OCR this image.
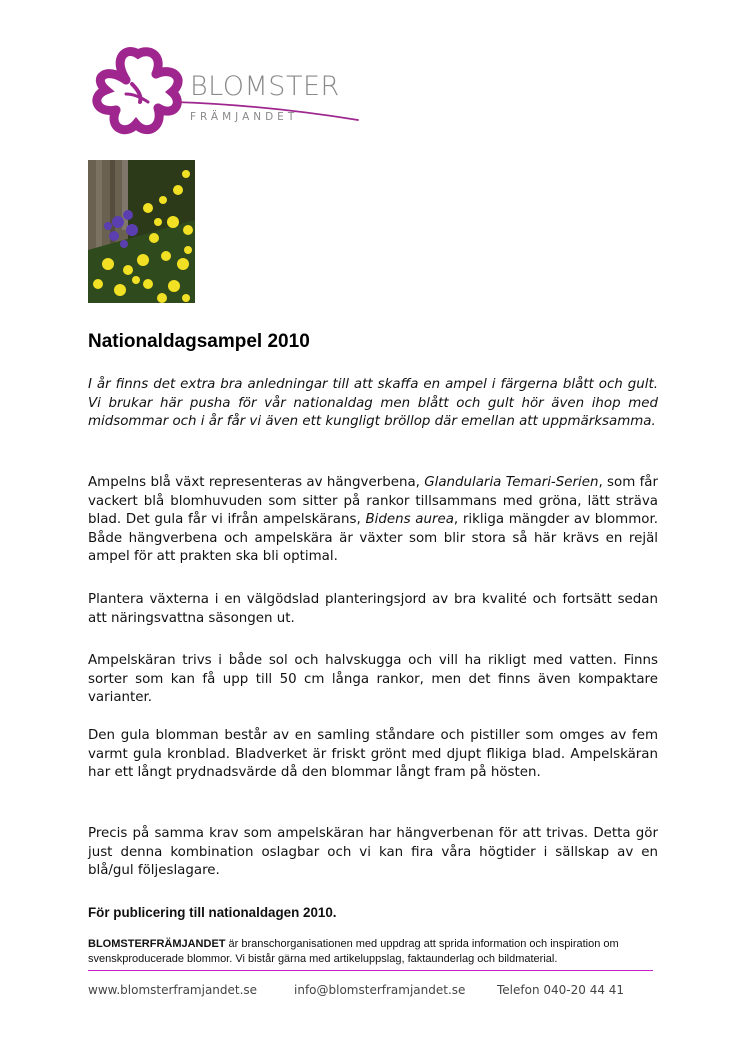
BLOMSTER
FRÄMJANDET
Nationaldagsampel 2010

I år finns det extra bra anledningar till att skaffa en ampel i färgerna blått och gult. Vi brukar här pusha för vår nationaldag men blått och gult hör även ihop med midsommar och i år får vi även ett kungligt bröllop där emellan att uppmärksamma.

Ampelns blå växt representeras av hängverbena, Glandularia Temari-Serien, som får vackert blå blomhuvuden som sitter på rankor tillsammans med gröna, lätt sträva blad. Det gula får vi ifrån ampelskärans, Bidens aurea, rikliga mängder av blommor. Både hängverbena och ampelskära är växter som blir stora så här krävs en rejäl ampel för att prakten ska bli optimal.

Plantera växterna i en välgödslad planteringsjord av bra kvalité och fortsätt sedan att näringsvattna säsongen ut.

Ampelskäran trivs i både sol och halvskugga och vill ha rikligt med vatten. Finns sorter som kan få upp till 50 cm långa rankor, men det finns även kompaktare varianter.

Den gula blomman består av en samling ståndare och pistiller som omges av fem varmt gula kronblad. Bladverket är friskt grönt med djupt flikiga blad. Ampelskäran har ett långt prydnadsvärde då den blommar långt fram på hösten.

Precis på samma krav som ampelskäran har hängverbenan för att trivas. Detta gör just denna kombination oslagbar och vi kan fira våra högtider i sällskap av en blå/gul följeslagare.

För publicering till nationaldagen 2010.

BLOMSTERFRÄMJANDET är branschorganisationen med uppdrag att sprida information och inspiration om svenskproducerade blommor. Vi bistår gärna med artikeluppslag, faktaunderlag och bildmaterial.

www.blomsterframjandet.se	info@blomsterframjandet.se	Telefon 040-20 44 41
